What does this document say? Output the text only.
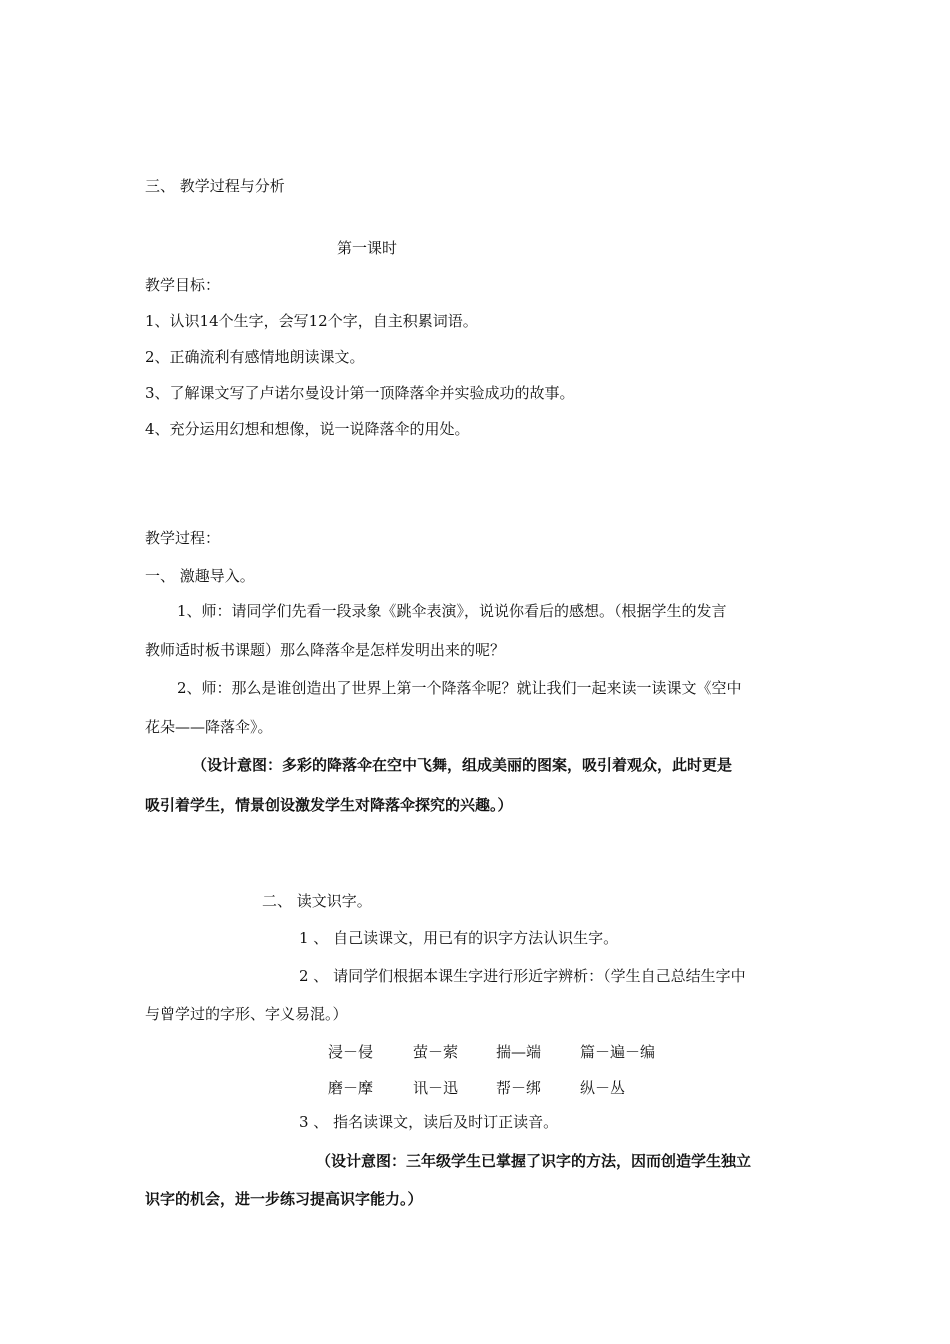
三、 教学过程与分析
第一课时
教学目标：
1、认识14个生字，会写12个字，自主积累词语。
2、正确流利有感情地朗读课文。
3、了解课文写了卢诺尔曼设计第一顶降落伞并实验成功的故事。
4、充分运用幻想和想像，说一说降落伞的用处。
教学过程：
一、 激趣导入。
1、师：请同学们先看一段录象《跳伞表演》，说说你看后的感想。（根据学生的发言
教师适时板书课题）那么降落伞是怎样发明出来的呢？
2、师：那么是谁创造出了世界上第一个降落伞呢？就让我们一起来读一读课文《空中
花朵——降落伞》。
（设计意图：多彩的降落伞在空中飞舞，组成美丽的图案，吸引着观众，此时更是
吸引着学生，情景创设激发学生对降落伞探究的兴趣。）
二、 读文识字。
1 、 自己读课文，用已有的识字方法认识生字。
2 、 请同学们根据本课生字进行形近字辨析：（学生自己总结生字中
与曾学过的字形、字义易混。）
浸－侵	萤－萦	揣—端	篇－遍－编
磨－摩	讯－迅	帮－绑	纵－丛
3 、 指名读课文，读后及时订正读音。
（设计意图：三年级学生已掌握了识字的方法，因而创造学生独立
识字的机会，进一步练习提高识字能力。）
